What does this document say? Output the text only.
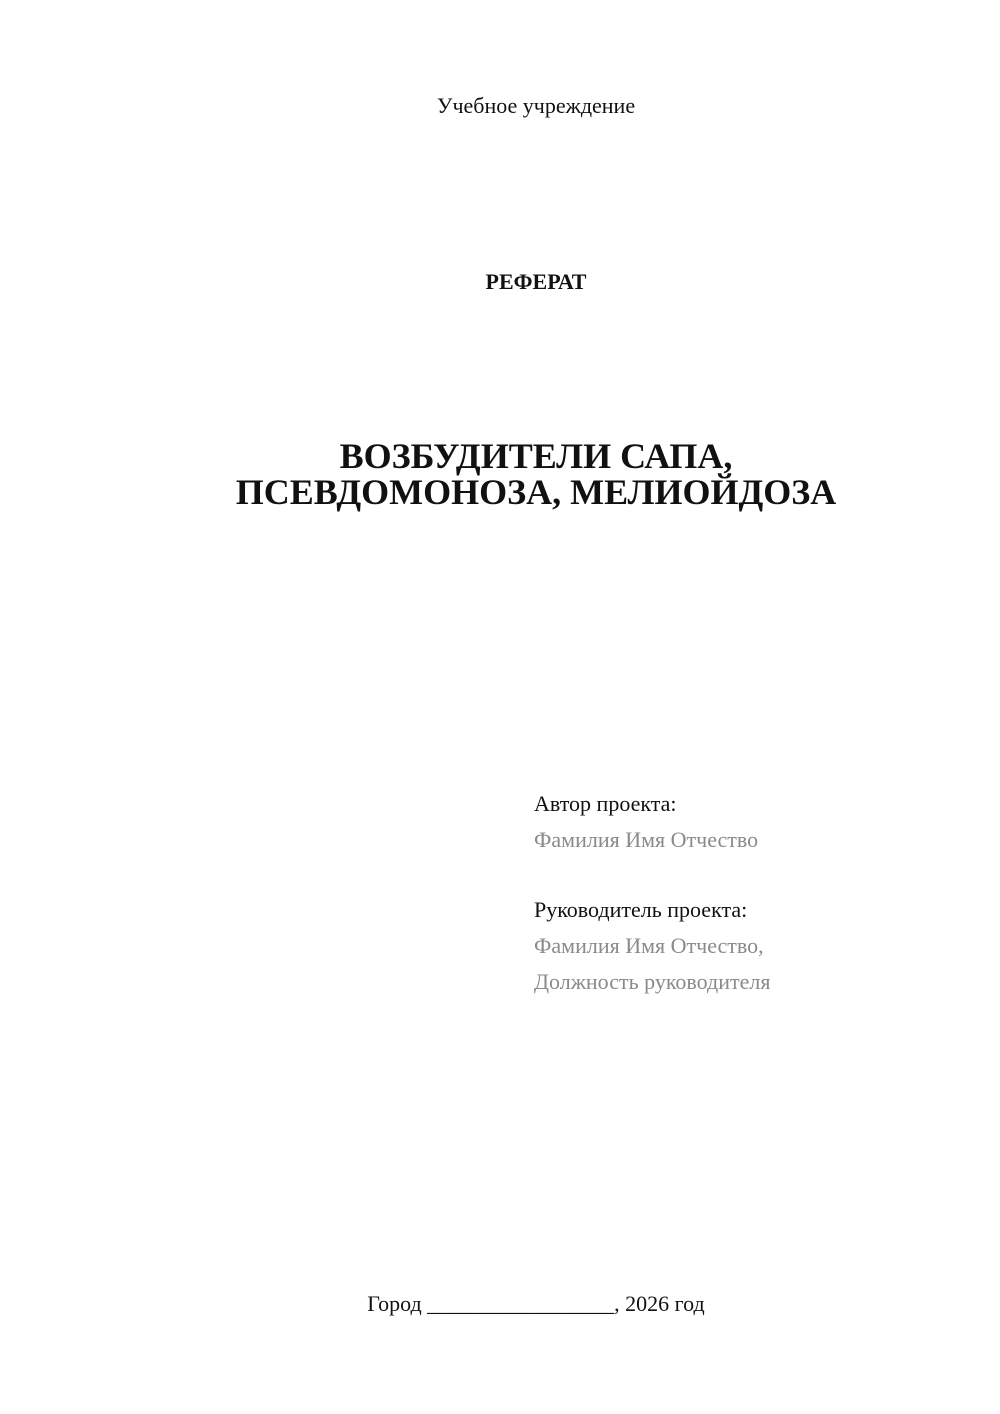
Учебное учреждение
РЕФЕРАТ
ВОЗБУДИТЕЛИ САПА,
ПСЕВДОМОНОЗА, МЕЛИОЙДОЗА
Автор проекта:
Фамилия Имя Отчество
Руководитель проекта:
Фамилия Имя Отчество,
Должность руководителя
Город _________________, 2026 год
